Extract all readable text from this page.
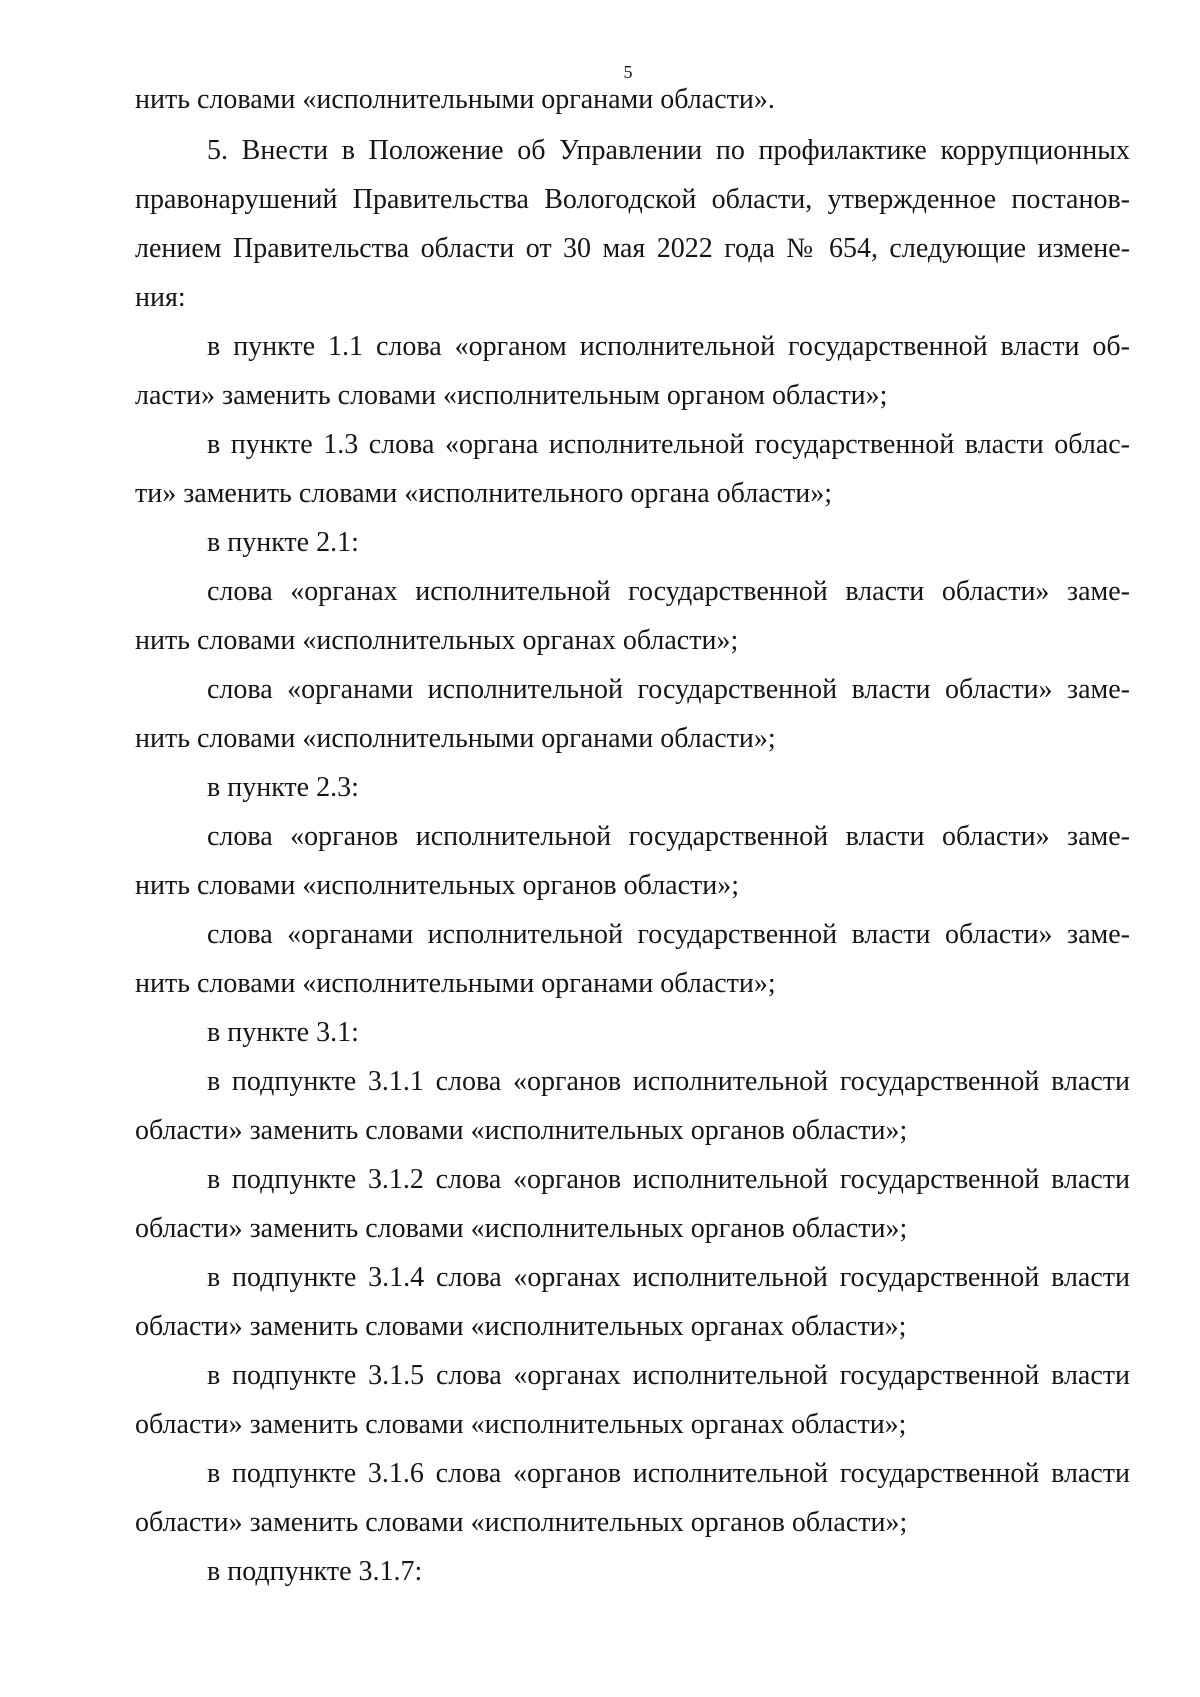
5
нить словами «исполнительными органами области».
5. Внести в Положение об Управлении по профилактике коррупционных
правонарушений Правительства Вологодской области, утвержденное постанов-
лением Правительства области от 30 мая 2022 года № 654, следующие измене-
ния:
в пункте 1.1 слова «органом исполнительной государственной власти об-
ласти» заменить словами «исполнительным органом области»;
в пункте 1.3 слова «органа исполнительной государственной власти облас-
ти» заменить словами «исполнительного органа области»;
в пункте 2.1:
слова «органах исполнительной государственной власти области» заме-
нить словами «исполнительных органах области»;
слова «органами исполнительной государственной власти области» заме-
нить словами «исполнительными органами области»;
в пункте 2.3:
слова «органов исполнительной государственной власти области» заме-
нить словами «исполнительных органов области»;
слова «органами исполнительной государственной власти области» заме-
нить словами «исполнительными органами области»;
в пункте 3.1:
в подпункте 3.1.1 слова «органов исполнительной государственной власти
области» заменить словами «исполнительных органов области»;
в подпункте 3.1.2 слова «органов исполнительной государственной власти
области» заменить словами «исполнительных органов области»;
в подпункте 3.1.4 слова «органах исполнительной государственной власти
области» заменить словами «исполнительных органах области»;
в подпункте 3.1.5 слова «органах исполнительной государственной власти
области» заменить словами «исполнительных органах области»;
в подпункте 3.1.6 слова «органов исполнительной государственной власти
области» заменить словами «исполнительных органов области»;
в подпункте 3.1.7:
